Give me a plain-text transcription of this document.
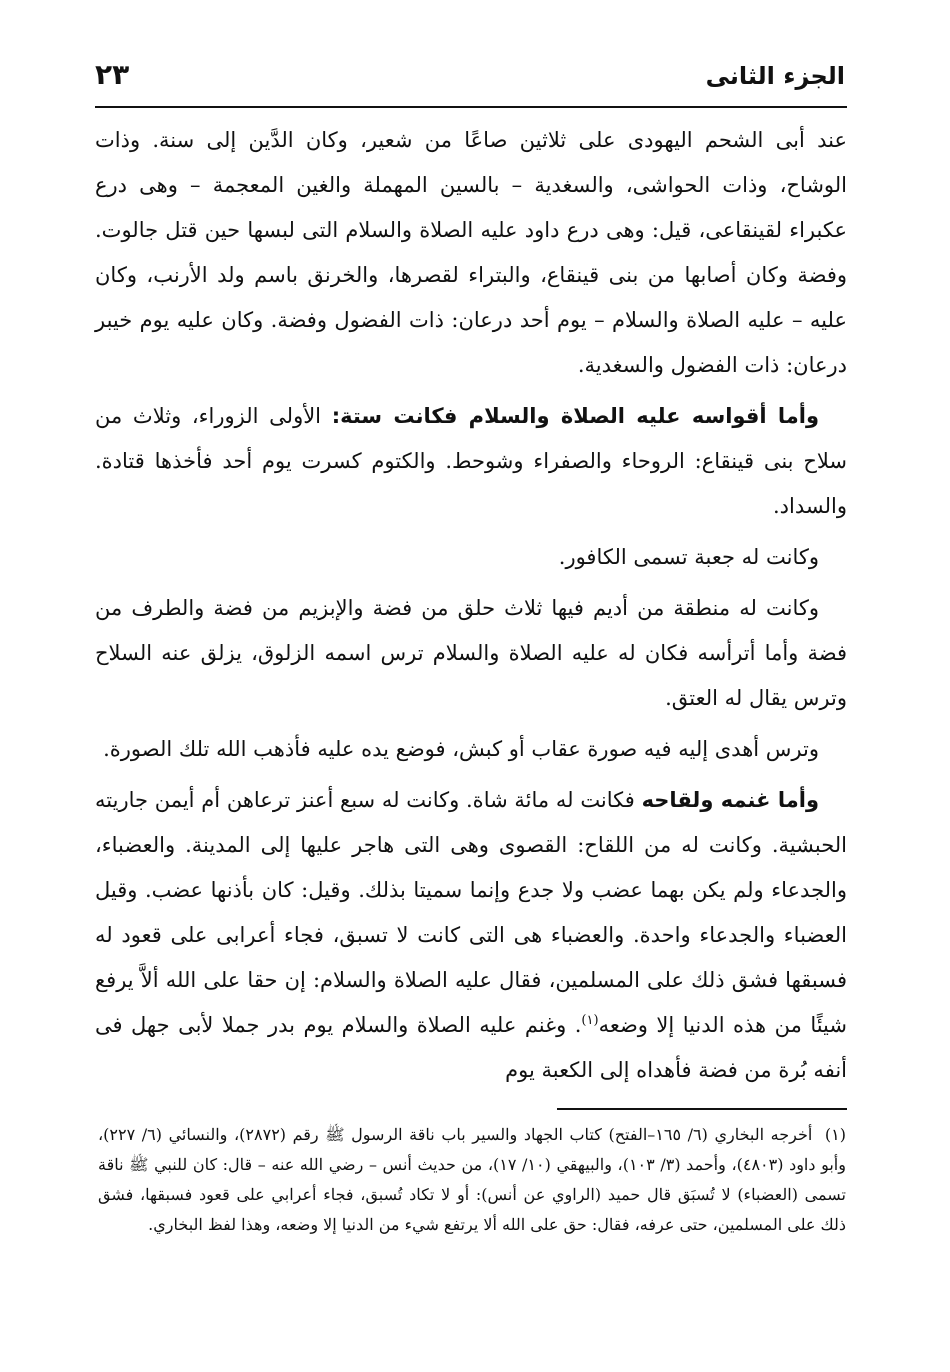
الجزء الثانى
٢٣

عند أبى الشحم اليهودى على ثلاثين صاعًا من شعير، وكان الدَّين إلى سنة. وذات الوشاح، وذات الحواشى، والسغدية – بالسين المهملة والغين المعجمة – وهى درع عكبراء لقينقاعى، قيل: وهى درع داود عليه الصلاة والسلام التى لبسها حين قتل جالوت. وفضة وكان أصابها من بنى قينقاع، والبتراء لقصرها، والخرنق باسم ولد الأرنب، وكان عليه – عليه الصلاة والسلام – يوم أحد درعان: ذات الفضول وفضة. وكان عليه يوم خيبر درعان: ذات الفضول والسغدية.

وأما أقواسه عليه الصلاة والسلام فكانت ستة: الأولى الزوراء، وثلاث من سلاح بنى قينقاع: الروحاء والصفراء وشوحط. والكتوم كسرت يوم أحد فأخذها قتادة. والسداد.

وكانت له جعبة تسمى الكافور.

وكانت له منطقة من أديم فيها ثلاث حلق من فضة والإبزيم من فضة والطرف من فضة وأما أترأسه فكان له عليه الصلاة والسلام ترس اسمه الزلوق، يزلق عنه السلاح وترس يقال له العتق.

وترس أهدى إليه فيه صورة عقاب أو كبش، فوضع يده عليه فأذهب الله تلك الصورة.

وأما غنمه ولقاحه فكانت له مائة شاة. وكانت له سبع أعنز ترعاهن أم أيمن جاريته الحبشية. وكانت له من اللقاح: القصوى وهى التى هاجر عليها إلى المدينة. والعضباء، والجدعاء ولم يكن بهما عضب ولا جدع وإنما سميتا بذلك. وقيل: كان بأذنها عضب. وقيل العضباء والجدعاء واحدة. والعضباء هى التى كانت لا تسبق، فجاء أعرابى على قعود له فسبقها فشق ذلك على المسلمين، فقال عليه الصلاة والسلام: إن حقا على الله ألاَّ يرفع شيئًا من هذه الدنيا إلا وضعه$^{(١)}$. وغنم عليه الصلاة والسلام يوم بدر جملا لأبى جهل فى أنفه بُرة من فضة فأهداه إلى الكعبة يوم

(١) أخرجه البخاري (٦/ ١٦٥–الفتح) كتاب الجهاد والسير باب ناقة الرسول ﷺ رقم (٢٨٧٢)، والنسائي (٦/ ٢٢٧)، وأبو داود (٤٨٠٣)، وأحمد (٣/ ١٠٣)، والبيهقي (١٠/ ١٧)، من حديث أنس – رضي الله عنه – قال: كان للنبي ﷺ ناقة تسمى (العضباء) لا تُسبَق قال حميد (الراوي عن أنس): أو لا تكاد تُسبق، فجاء أعرابي على قعود فسبقها، فشق ذلك على المسلمين، حتى عرفه، فقال: حق على الله ألا يرتفع شيء من الدنيا إلا وضعه، وهذا لفظ البخاري.
